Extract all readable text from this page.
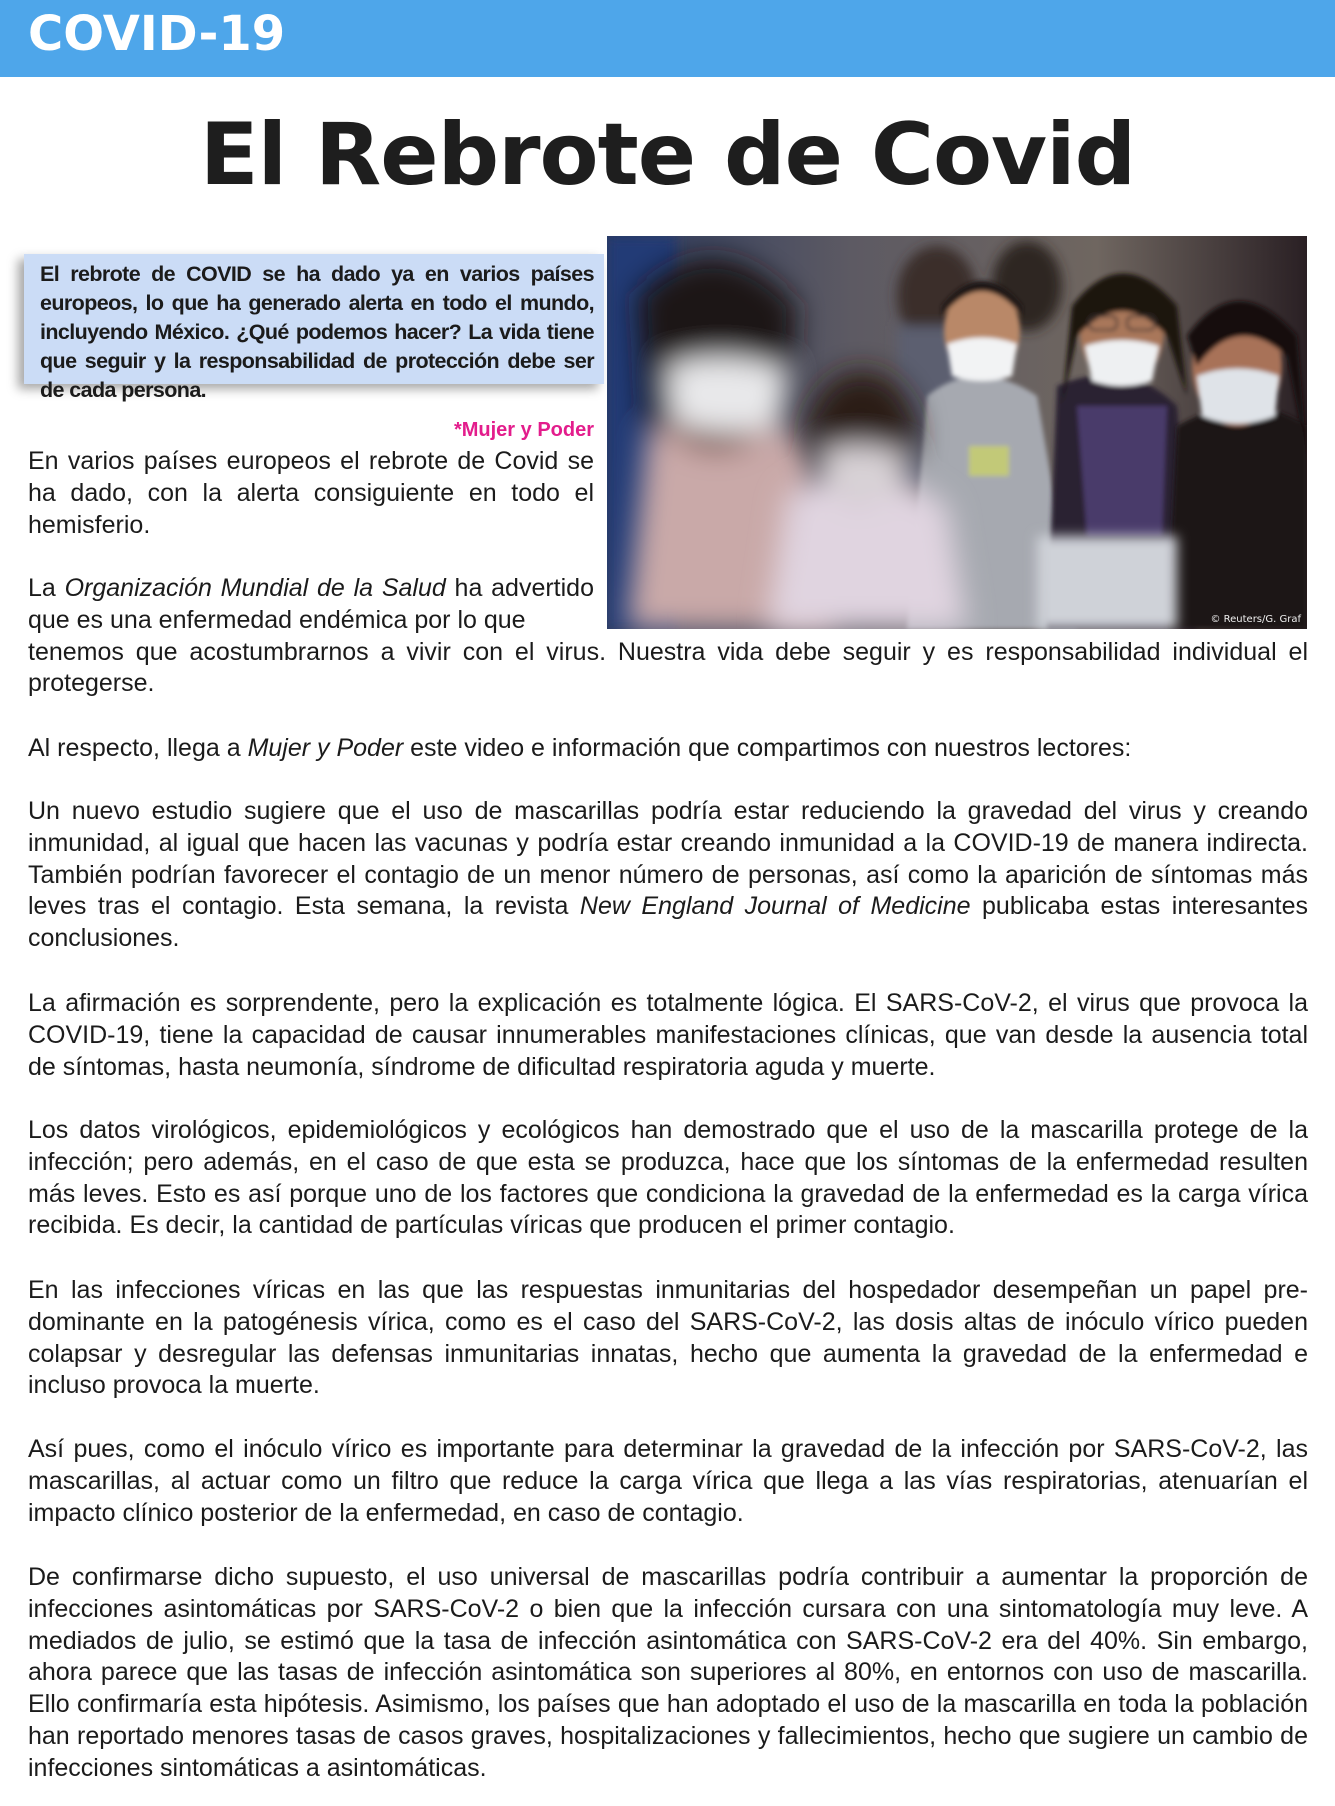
COVID-19
El Rebrote de Covid

El rebrote de COVID se ha dado ya en varios países europeos, lo que ha generado alerta en todo el mundo, incluyendo México. ¿Qué podemos hacer? La vida tiene que seguir y la responsabilidad de protección debe ser de cada persona.

*Mujer y Poder
© Reuters/G. Graf

En varios países europeos el rebrote de Covid se ha dado, con la alerta consiguiente en todo el hemisferio.

La Organización Mundial de la Salud ha advertido que es una enfermedad endémica por lo que
tenemos que acostumbrarnos a vivir con el virus. Nuestra vida debe seguir y es responsabilidad individual el protegerse.

Al respecto, llega a Mujer y Poder este video e información que compartimos con nuestros lectores:

Un nuevo estudio sugiere que el uso de mascarillas podría estar reduciendo la gravedad del virus y creando inmunidad, al igual que hacen las vacunas y podría estar creando inmunidad a la COVID-19 de manera indirecta. También podrían favorecer el contagio de un menor número de personas, así como la aparición de síntomas más leves tras el contagio. Esta semana, la revista New England Journal of Medicine publicaba estas interesantes conclusiones.

La afirmación es sorprendente, pero la explicación es totalmente lógica. El SARS-CoV-2, el virus que provoca la COVID-19, tiene la capacidad de causar innumerables manifestaciones clínicas, que van desde la ausencia total de síntomas, hasta neumonía, síndrome de dificultad respiratoria aguda y muerte.

Los datos virológicos, epidemiológicos y ecológicos han demostrado que el uso de la mascarilla protege de la infección; pero además, en el caso de que esta se produzca, hace que los síntomas de la enfermedad resulten más leves. Esto es así porque uno de los factores que condiciona la gravedad de la enfermedad es la carga vírica recibida. Es decir, la cantidad de partículas víricas que producen el primer contagio.

En las infecciones víricas en las que las respuestas inmunitarias del hospedador desempeñan un papel pre-dominante en la patogénesis vírica, como es el caso del SARS-CoV-2, las dosis altas de inóculo vírico pueden colapsar y desregular las defensas inmunitarias innatas, hecho que aumenta la gravedad de la enfermedad e incluso provoca la muerte.

Así pues, como el inóculo vírico es importante para determinar la gravedad de la infección por SARS-CoV-2, las mascarillas, al actuar como un filtro que reduce la carga vírica que llega a las vías respiratorias, atenuarían el impacto clínico posterior de la enfermedad, en caso de contagio.

De confirmarse dicho supuesto, el uso universal de mascarillas podría contribuir a aumentar la proporción de infecciones asintomáticas por SARS-CoV-2 o bien que la infección cursara con una sintomatología muy leve. A mediados de julio, se estimó que la tasa de infección asintomática con SARS-CoV-2 era del 40%. Sin embargo, ahora parece que las tasas de infección asintomática son superiores al 80%, en entornos con uso de mascarilla. Ello confirmaría esta hipótesis. Asimismo, los países que han adoptado el uso de la mascarilla en toda la población han reportado menores tasas de casos graves, hospitalizaciones y fallecimientos, hecho que sugiere un cambio de infecciones sintomáticas a asintomáticas.
